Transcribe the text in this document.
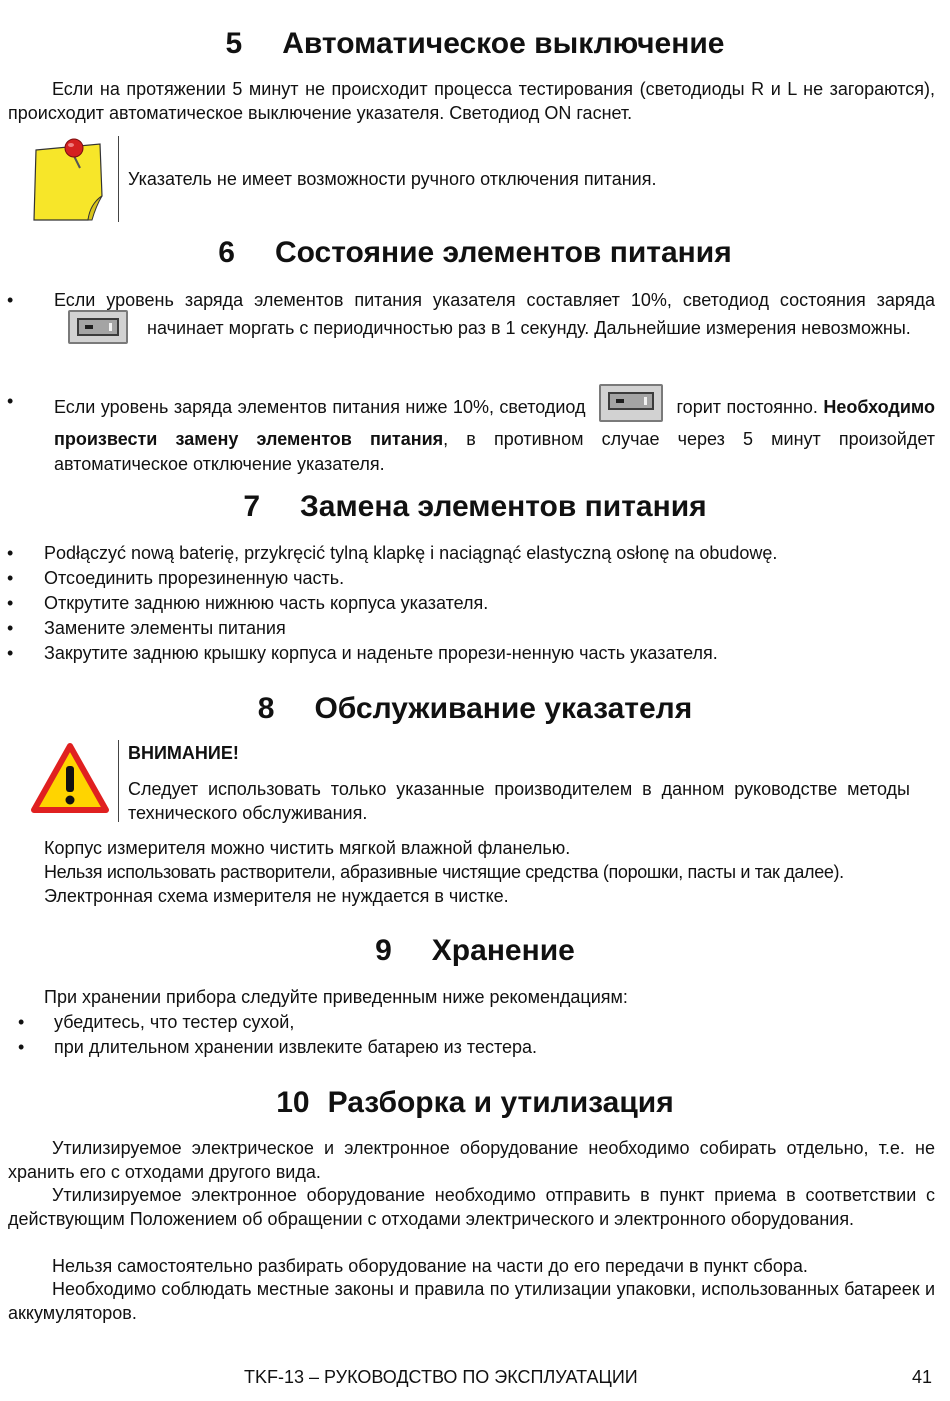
5 Автоматическое выключение
Если на протяжении 5 минут не происходит процесса тестирования (светодиоды R и L не загораются), происходит автоматическое выключение указателя. Светодиод ON гаснет.
Указатель не имеет возможности ручного отключения питания.
6 Состояние элементов питания
• Если уровень заряда элементов питания указателя составляет 10%, светодиод состояния заряда
начинает моргать с периодичностью раз в 1 секунду. Дальнейшие измерения невозможны.
• Если уровень заряда элементов питания ниже 10%, светодиод	горит постоянно. Необходимо произвести замену элементов питания, в противном случае через 5 минут произойдет автоматическое отключение указателя.
7 Замена элементов питания
• Podłączyć nową baterię, przykręcić tylną klapkę i naciągnąć elastyczną osłonę na obudowę.
• Отсоединить прорезиненную часть.
• Открутите заднюю нижнюю часть корпуса указателя.
• Замените элементы питания
• Закрутите заднюю крышку корпуса и наденьте прорези-ненную часть указателя.
8 Обслуживание указателя
ВНИМАНИЕ!
Следует использовать только указанные производителем в данном руководстве методы технического обслуживания.
Корпус измерителя можно чистить мягкой влажной фланелью.
Нельзя использовать растворители, абразивные чистящие средства (порошки, пасты и так далее).
Электронная схема измерителя не нуждается в чистке.
9 Хранение
При хранении прибора следуйте приведенным ниже рекомендациям:
• убедитесь, что тестер сухой,
• при длительном хранении извлеките батарею из тестера.
10 Разборка и утилизация
Утилизируемое электрическое и электронное оборудование необходимо собирать отдельно, т.е. не хранить его с отходами другого вида.
Утилизируемое электронное оборудование необходимо отправить в пункт приема в соответствии с действующим Положением об обращении с отходами электрического и электронного оборудования.
Нельзя самостоятельно разбирать оборудование на части до его передачи в пункт сбора.
Необходимо соблюдать местные законы и правила по утилизации упаковки, использованных батареек и аккумуляторов.
TKF-13 – РУКОВОДСТВО ПО ЭКСПЛУАТАЦИИ	41
